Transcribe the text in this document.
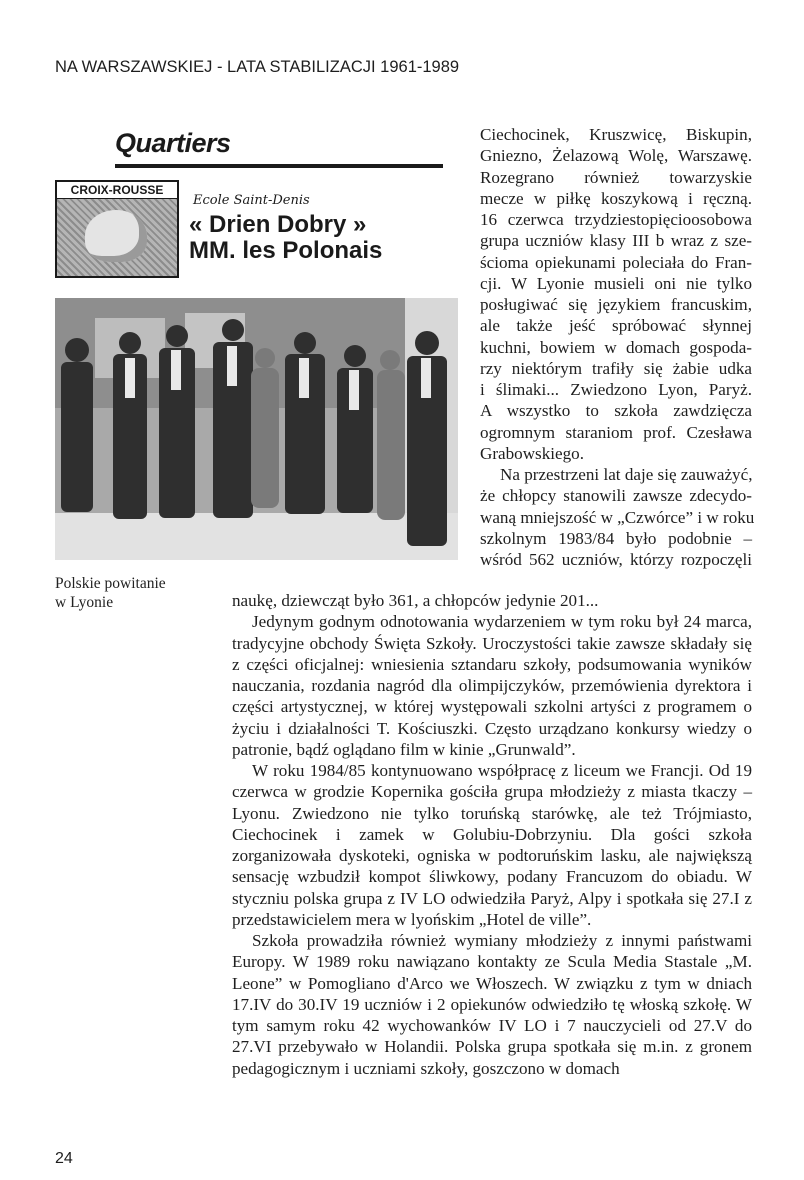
NA WARSZAWSKIEJ - LATA STABILIZACJI 1961-1989
Quartiers
CROIX-ROUSSE
Ecole Saint-Denis
« Drien Dobry »
MM. les Polonais
Polskie powitanie
w Lyonie
Ciechocinek, Kruszwicę, Biskupin,
Gniezno, Żelazową Wolę, Warszawę.
Rozegrano również towarzyskie
mecze w piłkę koszykową i ręczną.
16 czerwca trzydziestopięcioosobowa
grupa uczniów klasy III b wraz z sze-
ścioma opiekunami poleciała do Fran-
cji. W Lyonie musieli oni nie tylko
posługiwać się językiem francuskim,
ale także jeść spróbować słynnej
kuchni, bowiem w domach gospoda-
rzy niektórym trafiły się żabie udka
i ślimaki... Zwiedzono Lyon, Paryż.
A wszystko to szkoła zawdzięcza
ogromnym staraniom prof. Czesława
Grabowskiego.
Na przestrzeni lat daje się zauważyć,
że chłopcy stanowili zawsze zdecydo-
waną mniejszość w „Czwórce” i w roku
szkolnym 1983/84 było podobnie –
wśród 562 uczniów, którzy rozpoczęli

naukę, dziewcząt było 361, a chłopców jedynie 201...

Jedynym godnym odnotowania wydarzeniem w tym roku był 24 marca, tradycyjne obchody Święta Szkoły. Uroczystości takie zawsze składały się z części oficjalnej: wniesienia sztandaru szkoły, podsumowania wyników nauczania, rozdania nagród dla olimpijczyków, przemówienia dyrektora i części artystycznej, w której występowali szkolni artyści z programem o życiu i działalności T. Kościuszki. Często urządzano konkursy wiedzy o patronie, bądź oglądano film w kinie „Grunwald”.

W roku 1984/85 kontynuowano współpracę z liceum we Francji. Od 19 czerwca w grodzie Kopernika gościła grupa młodzieży z miasta tkaczy – Lyonu. Zwiedzono nie tylko toruńską starówkę, ale też Trójmiasto, Ciechocinek i zamek w Golubiu-Dobrzyniu. Dla gości szkoła zorganizowała dyskoteki, ogniska w podtoruńskim lasku, ale największą sensację wzbudził kompot śliwkowy, podany Francuzom do obiadu. W styczniu polska grupa z IV LO odwiedziła Paryż, Alpy i spotkała się 27.I z przedstawicielem mera w lyońskim „Hotel de ville”.

Szkoła prowadziła również wymiany młodzieży z innymi państwami Europy. W 1989 roku nawiązano kontakty ze Scula Media Stastale „M. Leone” w Pomogliano d'Arco we Włoszech. W związku z tym w dniach 17.IV do 30.IV 19 uczniów i 2 opiekunów odwiedziło tę włoską szkołę. W tym samym roku 42 wychowanków IV LO i 7 nauczycieli od 27.V do 27.VI przebywało w Holandii. Polska grupa spotkała się m.in. z gronem pedagogicznym i uczniami szkoły, goszczono w domach

24
